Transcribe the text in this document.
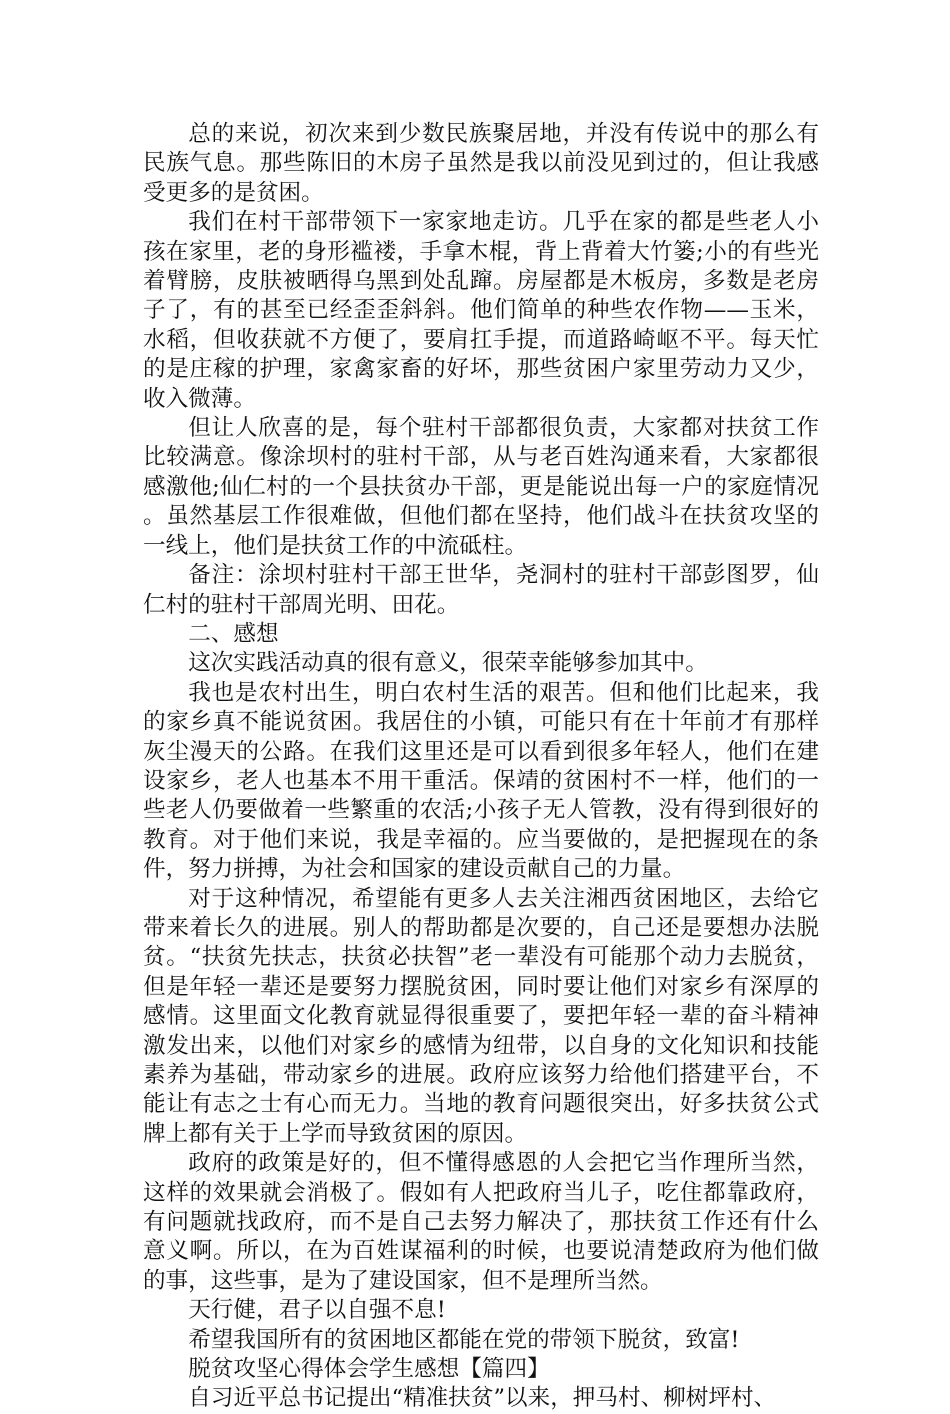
总的来说，初次来到少数民族聚居地，并没有传说中的那么有民族气息。那些陈旧的木房子虽然是我以前没见到过的，但让我感受更多的是贫困。

我们在村干部带领下一家家地走访。几乎在家的都是些老人小孩在家里，老的身形褴褛，手拿木棍，背上背着大竹篓;小的有些光着臂膀，皮肤被晒得乌黑到处乱蹿。房屋都是木板房，多数是老房子了，有的甚至已经歪歪斜斜。他们简单的种些农作物——玉米，水稻，但收获就不方便了，要肩扛手提，而道路崎岖不平。每天忙的是庄稼的护理，家禽家畜的好坏，那些贫困户家里劳动力又少，收入微薄。

但让人欣喜的是，每个驻村干部都很负责，大家都对扶贫工作比较满意。像涂坝村的驻村干部，从与老百姓沟通来看，大家都很感激他;仙仁村的一个县扶贫办干部，更是能说出每一户的家庭情况。虽然基层工作很难做，但他们都在坚持，他们战斗在扶贫攻坚的一线上，他们是扶贫工作的中流砥柱。

备注：涂坝村驻村干部王世华，尧洞村的驻村干部彭图罗，仙仁村的驻村干部周光明、田花。

二、感想

这次实践活动真的很有意义，很荣幸能够参加其中。

我也是农村出生，明白农村生活的艰苦。但和他们比起来，我的家乡真不能说贫困。我居住的小镇，可能只有在十年前才有那样灰尘漫天的公路。在我们这里还是可以看到很多年轻人，他们在建设家乡，老人也基本不用干重活。保靖的贫困村不一样，他们的一些老人仍要做着一些繁重的农活;小孩子无人管教，没有得到很好的教育。对于他们来说，我是幸福的。应当要做的，是把握现在的条件，努力拼搏，为社会和国家的建设贡献自己的力量。

对于这种情况，希望能有更多人去关注湘西贫困地区，去给它带来着长久的进展。别人的帮助都是次要的，自己还是要想办法脱贫。“扶贫先扶志，扶贫必扶智”老一辈没有可能那个动力去脱贫，但是年轻一辈还是要努力摆脱贫困，同时要让他们对家乡有深厚的感情。这里面文化教育就显得很重要了，要把年轻一辈的奋斗精神激发出来，以他们对家乡的感情为纽带，以自身的文化知识和技能素养为基础，带动家乡的进展。政府应该努力给他们搭建平台，不能让有志之士有心而无力。当地的教育问题很突出，好多扶贫公式牌上都有关于上学而导致贫困的原因。

政府的政策是好的，但不懂得感恩的人会把它当作理所当然，这样的效果就会消极了。假如有人把政府当儿子，吃住都靠政府，有问题就找政府，而不是自己去努力解决了，那扶贫工作还有什么意义啊。所以，在为百姓谋福利的时候，也要说清楚政府为他们做的事，这些事，是为了建设国家，但不是理所当然。

天行健，君子以自强不息!

希望我国所有的贫困地区都能在党的带领下脱贫，致富!

脱贫攻坚心得体会学生感想【篇四】

自习近平总书记提出“精准扶贫”以来，押马村、柳树坪村、
